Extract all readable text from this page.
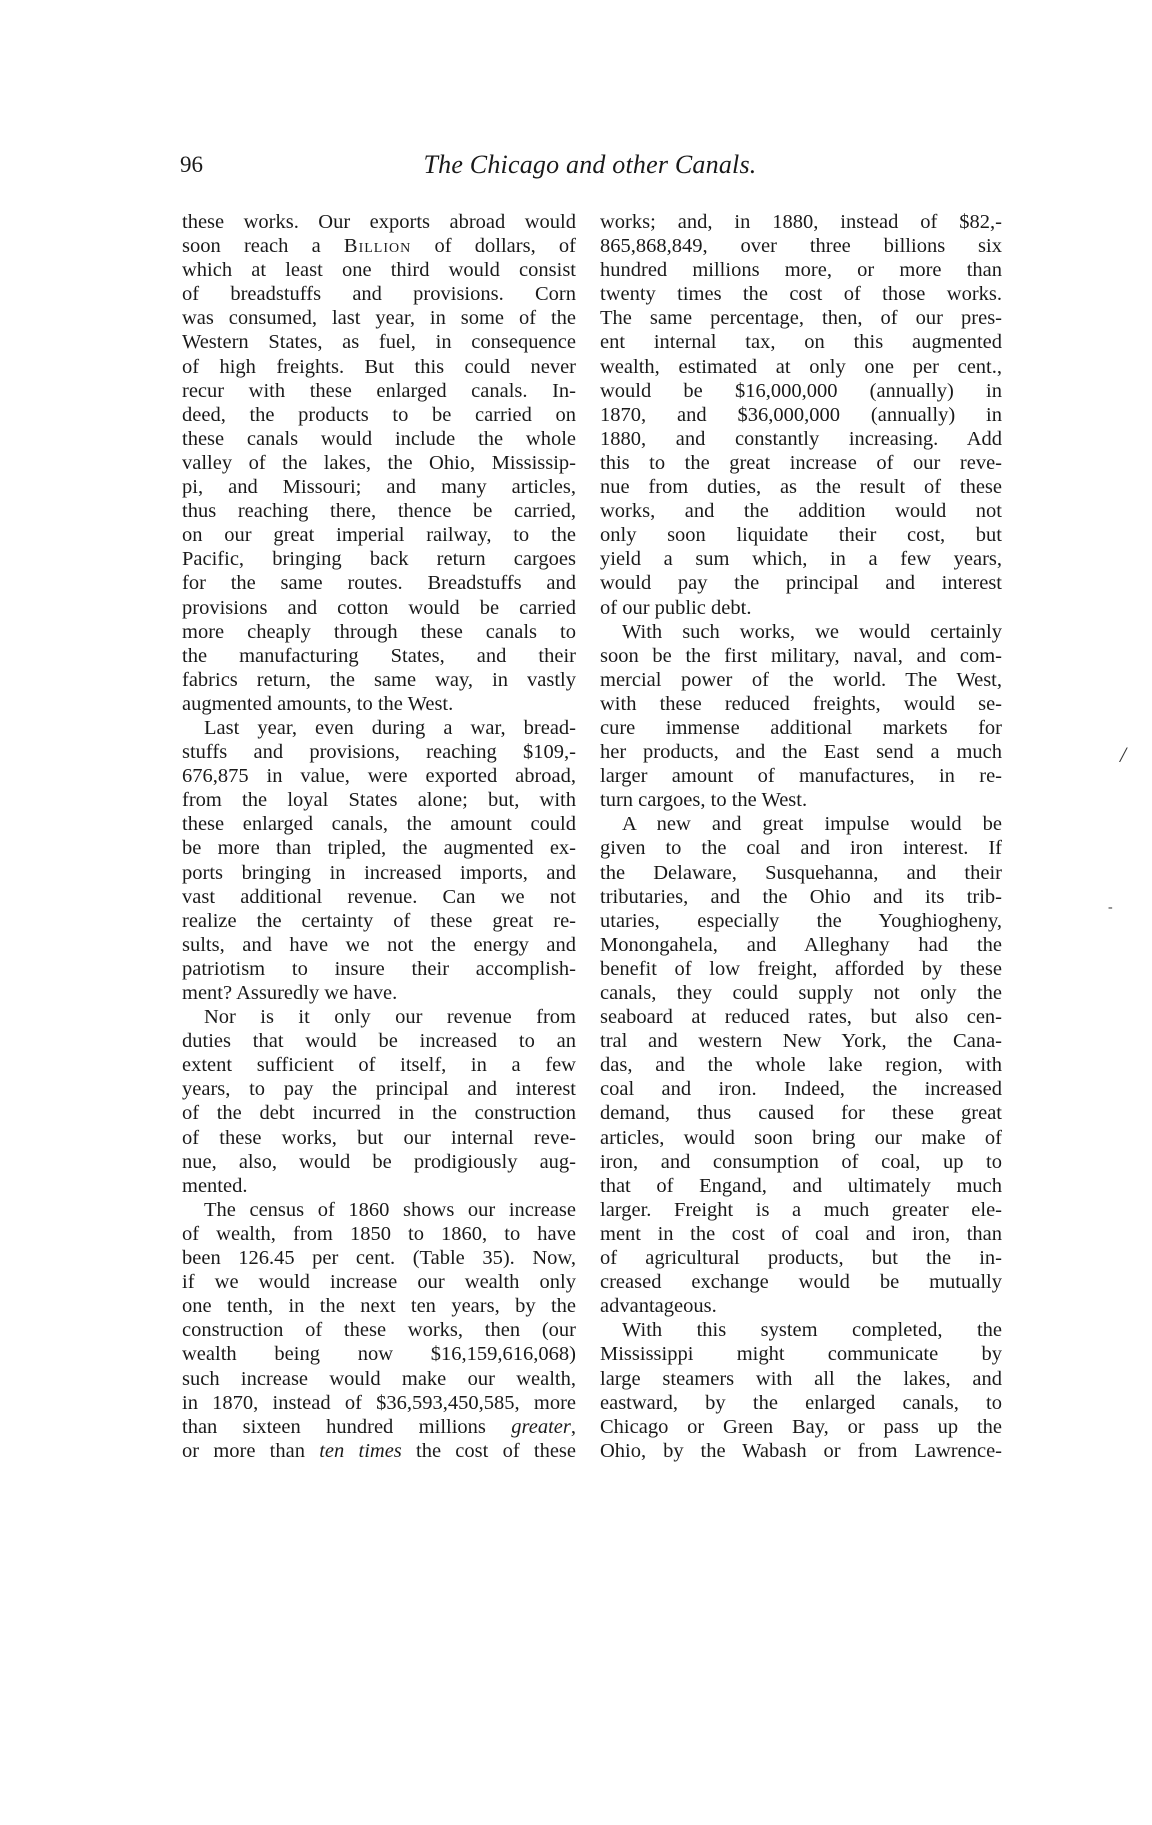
96	The Chicago and other Canals.
these works. Our exports abroad would
soon reach a Billion of dollars, of
which at least one third would consist
of breadstuffs and provisions. Corn
was consumed, last year, in some of the
Western States, as fuel, in consequence
of high freights. But this could never
recur with these enlarged canals. In-
deed, the products to be carried on
these canals would include the whole
valley of the lakes, the Ohio, Mississip-
pi, and Missouri; and many articles,
thus reaching there, thence be carried,
on our great imperial railway, to the
Pacific, bringing back return cargoes
for the same routes. Breadstuffs and
provisions and cotton would be carried
more cheaply through these canals to
the manufacturing States, and their
fabrics return, the same way, in vastly
augmented amounts, to the West.
Last year, even during a war, bread-
stuffs and provisions, reaching $109,-
676,875 in value, were exported abroad,
from the loyal States alone; but, with
these enlarged canals, the amount could
be more than tripled, the augmented ex-
ports bringing in increased imports, and
vast additional revenue. Can we not
realize the certainty of these great re-
sults, and have we not the energy and
patriotism to insure their accomplish-
ment? Assuredly we have.
Nor is it only our revenue from
duties that would be increased to an
extent sufficient of itself, in a few
years, to pay the principal and interest
of the debt incurred in the construction
of these works, but our internal reve-
nue, also, would be prodigiously aug-
mented.
The census of 1860 shows our increase
of wealth, from 1850 to 1860, to have
been 126.45 per cent. (Table 35). Now,
if we would increase our wealth only
one tenth, in the next ten years, by the
construction of these works, then (our
wealth being now $16,159,616,068)
such increase would make our wealth,
in 1870, instead of $36,593,450,585, more
than sixteen hundred millions greater,
or more than ten times the cost of these
works; and, in 1880, instead of $82,-
865,868,849, over three billions six
hundred millions more, or more than
twenty times the cost of those works.
The same percentage, then, of our pres-
ent internal tax, on this augmented
wealth, estimated at only one per cent.,
would be $16,000,000 (annually) in
1870, and $36,000,000 (annually) in
1880, and constantly increasing. Add
this to the great increase of our reve-
nue from duties, as the result of these
works, and the addition would not
only soon liquidate their cost, but
yield a sum which, in a few years,
would pay the principal and interest
of our public debt.
With such works, we would certainly
soon be the first military, naval, and com-
mercial power of the world. The West,
with these reduced freights, would se-
cure immense additional markets for
her products, and the East send a much
larger amount of manufactures, in re-
turn cargoes, to the West.
A new and great impulse would be
given to the coal and iron interest. If
the Delaware, Susquehanna, and their
tributaries, and the Ohio and its trib-
utaries, especially the Youghiogheny,
Monongahela, and Alleghany had the
benefit of low freight, afforded by these
canals, they could supply not only the
seaboard at reduced rates, but also cen-
tral and western New York, the Cana-
das, and the whole lake region, with
coal and iron. Indeed, the increased
demand, thus caused for these great
articles, would soon bring our make of
iron, and consumption of coal, up to
that of Engand, and ultimately much
larger. Freight is a much greater ele-
ment in the cost of coal and iron, than
of agricultural products, but the in-
creased exchange would be mutually
advantageous.
With this system completed, the
Mississippi might communicate by
large steamers with all the lakes, and
eastward, by the enlarged canals, to
Chicago or Green Bay, or pass up the
Ohio, by the Wabash or from Lawrence-
/
-
